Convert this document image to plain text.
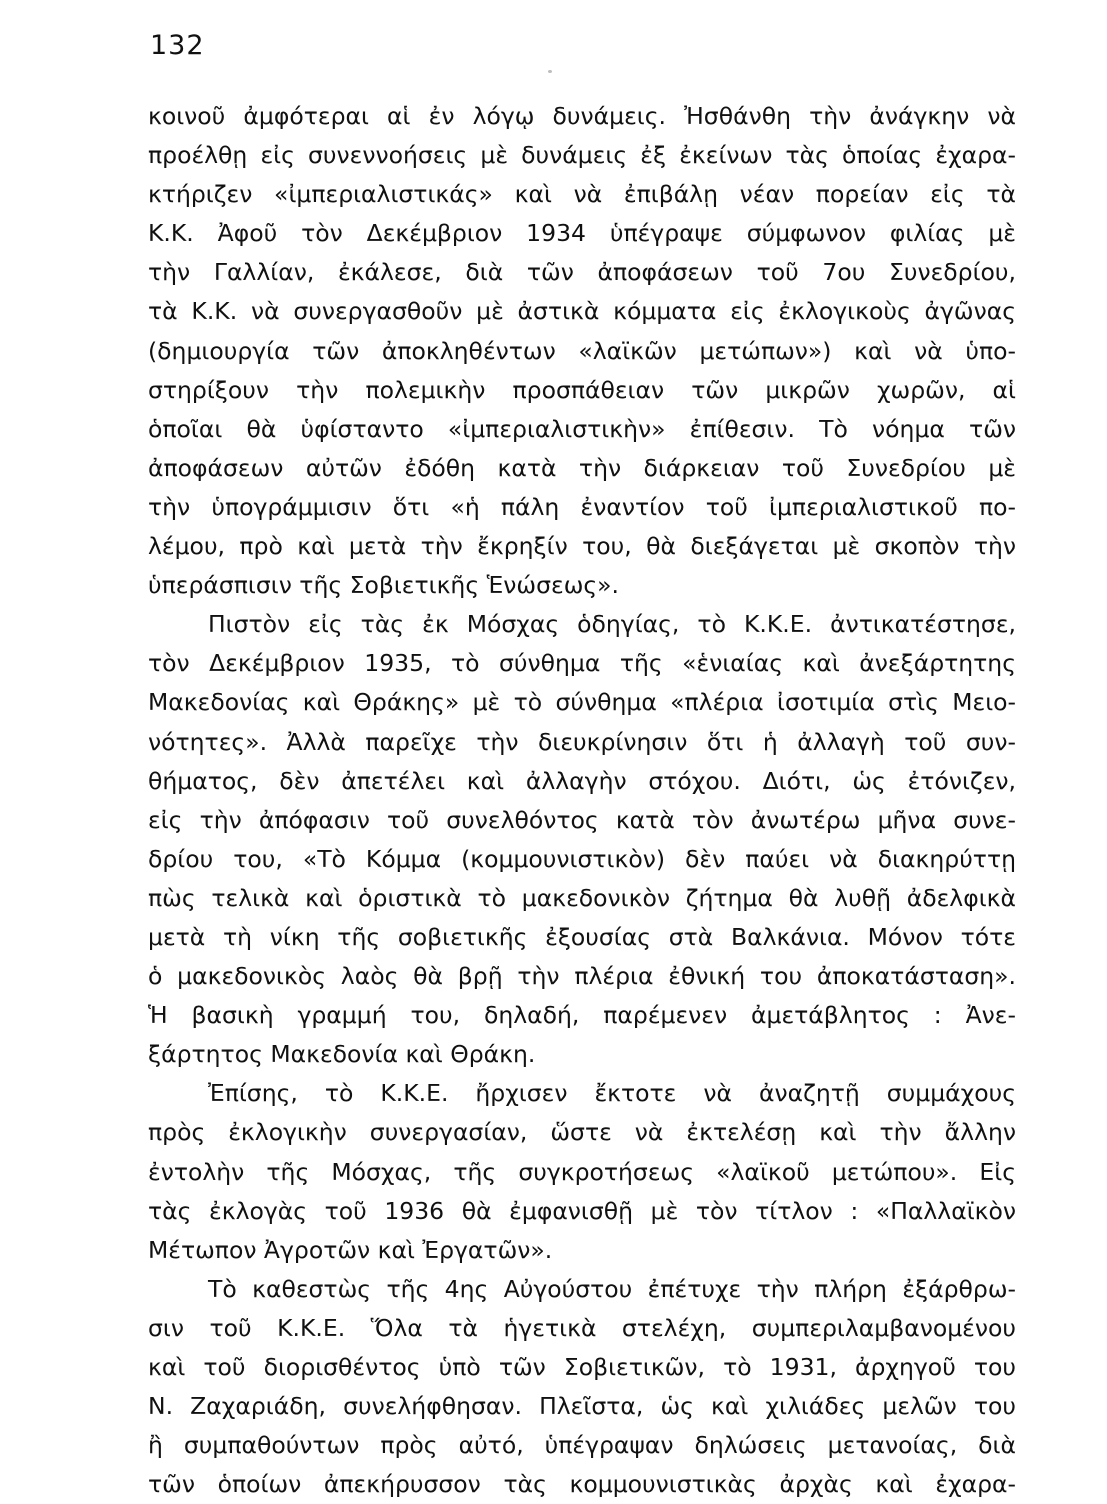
132

κοινοῦ ἀμφότεραι αἱ ἐν λόγῳ δυνάμεις. Ἠσθάνθη τὴν ἀνάγκην νὰ
προέλθῃ εἰς συνεννοήσεις μὲ δυνάμεις ἐξ ἐκείνων τὰς ὁποίας ἐχαρα-
κτήριζεν «ἰμπεριαλιστικάς» καὶ νὰ ἐπιβάλῃ νέαν πορείαν εἰς τὰ
Κ.Κ. Ἀφοῦ τὸν Δεκέμβριον 1934 ὑπέγραψε σύμφωνον φιλίας μὲ
τὴν Γαλλίαν, ἐκάλεσε, διὰ τῶν ἀποφάσεων τοῦ 7ου Συνεδρίου,
τὰ Κ.Κ. νὰ συνεργασθοῦν μὲ ἀστικὰ κόμματα εἰς ἐκλογικοὺς ἀγῶνας
(δημιουργία τῶν ἀποκληθέντων «λαϊκῶν μετώπων») καὶ νὰ ὑπο-
στηρίξουν τὴν πολεμικὴν προσπάθειαν τῶν μικρῶν χωρῶν, αἱ
ὁποῖαι θὰ ὑφίσταντο «ἰμπεριαλιστικὴν» ἐπίθεσιν. Τὸ νόημα τῶν
ἀποφάσεων αὐτῶν ἐδόθη κατὰ τὴν διάρκειαν τοῦ Συνεδρίου μὲ
τὴν ὑπογράμμισιν ὅτι «ἡ πάλη ἐναντίον τοῦ ἰμπεριαλιστικοῦ πο-
λέμου, πρὸ καὶ μετὰ τὴν ἔκρηξίν του, θὰ διεξάγεται μὲ σκοπὸν τὴν
ὑπεράσπισιν τῆς Σοβιετικῆς Ἑνώσεως».
Πιστὸν εἰς τὰς ἐκ Μόσχας ὁδηγίας, τὸ Κ.Κ.Ε. ἀντικατέστησε,
τὸν Δεκέμβριον 1935, τὸ σύνθημα τῆς «ἑνιαίας καὶ ἀνεξάρτητης
Μακεδονίας καὶ Θράκης» μὲ τὸ σύνθημα «πλέρια ἰσοτιμία στὶς Μειο-
νότητες». Ἀλλὰ παρεῖχε τὴν διευκρίνησιν ὅτι ἡ ἀλλαγὴ τοῦ συν-
θήματος, δὲν ἀπετέλει καὶ ἀλλαγὴν στόχου. Διότι, ὡς ἐτόνιζεν,
εἰς τὴν ἀπόφασιν τοῦ συνελθόντος κατὰ τὸν ἀνωτέρω μῆνα συνε-
δρίου του, «Τὸ Κόμμα (κομμουνιστικὸν) δὲν παύει νὰ διακηρύττῃ
πὼς τελικὰ καὶ ὁριστικὰ τὸ μακεδονικὸν ζήτημα θὰ λυθῇ ἀδελφικὰ
μετὰ τὴ νίκη τῆς σοβιετικῆς ἐξουσίας στὰ Βαλκάνια. Μόνον τότε
ὁ μακεδονικὸς λαὸς θὰ βρῇ τὴν πλέρια ἐθνική του ἀποκατάσταση».
Ἡ βασικὴ γραμμή του, δηλαδή, παρέμενεν ἀμετάβλητος : Ἀνε-
ξάρτητος Μακεδονία καὶ Θράκη.
Ἐπίσης, τὸ Κ.Κ.Ε. ἤρχισεν ἔκτοτε νὰ ἀναζητῇ συμμάχους
πρὸς ἐκλογικὴν συνεργασίαν, ὥστε νὰ ἐκτελέσῃ καὶ τὴν ἄλλην
ἐντολὴν τῆς Μόσχας, τῆς συγκροτήσεως «λαϊκοῦ μετώπου». Εἰς
τὰς ἐκλογὰς τοῦ 1936 θὰ ἐμφανισθῇ μὲ τὸν τίτλον : «Παλλαϊκὸν
Μέτωπον Ἀγροτῶν καὶ Ἐργατῶν».
Τὸ καθεστὼς τῆς 4ης Αὐγούστου ἐπέτυχε τὴν πλήρη ἐξάρθρω-
σιν τοῦ Κ.Κ.Ε. Ὅλα τὰ ἡγετικὰ στελέχη, συμπεριλαμβανομένου
καὶ τοῦ διορισθέντος ὑπὸ τῶν Σοβιετικῶν, τὸ 1931, ἀρχηγοῦ του
Ν. Ζαχαριάδη, συνελήφθησαν. Πλεῖστα, ὡς καὶ χιλιάδες μελῶν του
ἢ συμπαθούντων πρὸς αὐτό, ὑπέγραψαν δηλώσεις μετανοίας, διὰ
τῶν ὁποίων ἀπεκήρυσσον τὰς κομμουνιστικὰς ἀρχὰς καὶ ἐχαρα-
